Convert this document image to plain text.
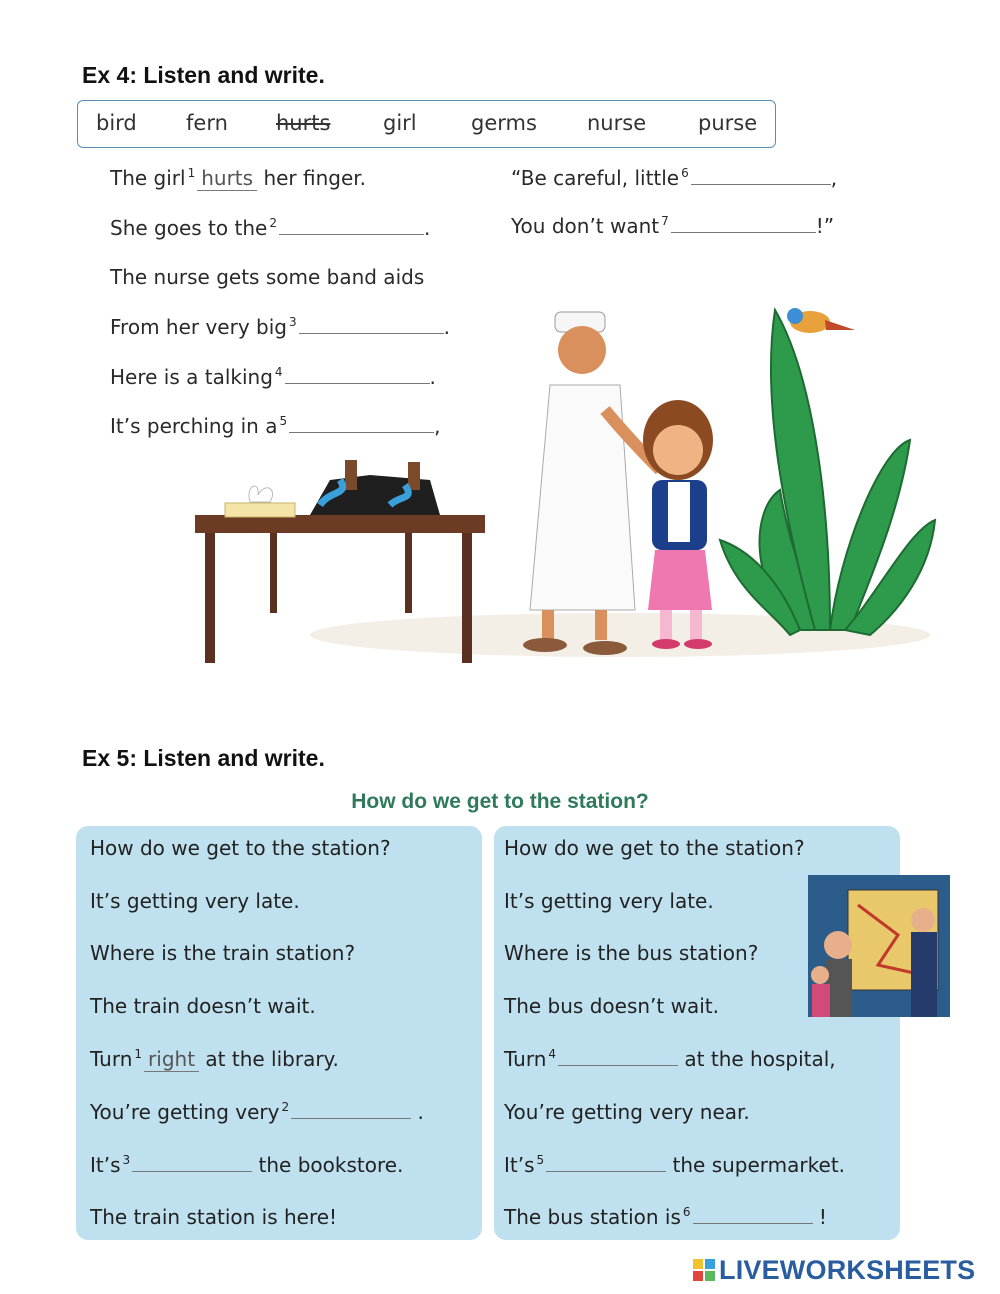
Ex 4: Listen and write.
bird fern hurts	girl	germs nurse purse
The girl $^1$ hurts her finger.
She goes to the $^2$	.
The nurse gets some band aids
From her very big $^3$	.
Here is a talking $^4$	.
It’s perching in a $^5$	,
“Be careful, little $^6$	,
You don’t want $^7$	!”
Ex 5: Listen and write.
How do we get to the station?
How do we get to the station?
It’s getting very late.
Where is the train station?
The train doesn’t wait.
Turn $^1$ right at the library.
You’re getting very $^2$	.
It’s $^3$	the bookstore.
The train station is here!
How do we get to the station?
It’s getting very late.
Where is the bus station?
The bus doesn’t wait.
Turn $^4$	at the hospital,
You’re getting very near.
It’s $^5$	the supermarket.
The bus station is $^6$	!
LIVEWORKSHEETS
